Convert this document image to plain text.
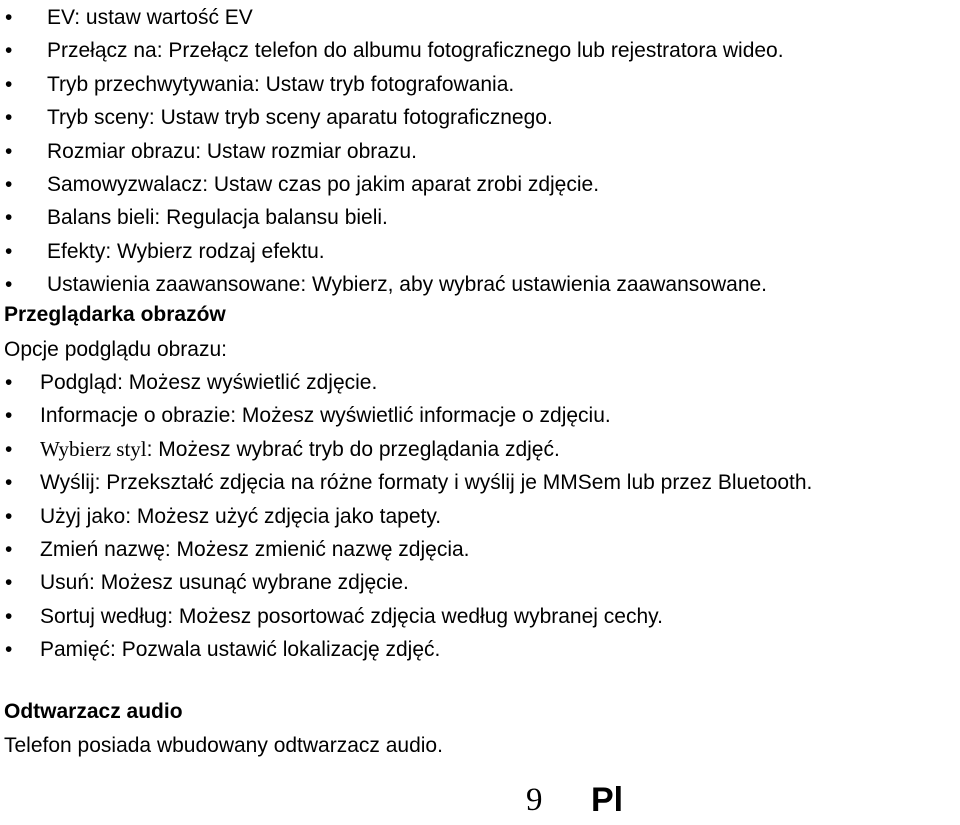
• EV: ustaw wartość EV
• Przełącz na: Przełącz telefon do albumu fotograficznego lub rejestratora wideo.
• Tryb przechwytywania: Ustaw tryb fotografowania.
• Tryb sceny: Ustaw tryb sceny aparatu fotograficznego.
• Rozmiar obrazu: Ustaw rozmiar obrazu.
• Samowyzwalacz: Ustaw czas po jakim aparat zrobi zdjęcie.
• Balans bieli: Regulacja balansu bieli.
• Efekty: Wybierz rodzaj efektu.
• Ustawienia zaawansowane: Wybierz, aby wybrać ustawienia zaawansowane.
Przeglądarka obrazów
Opcje podglądu obrazu:
• Podgląd: Możesz wyświetlić zdjęcie.
• Informacje o obrazie: Możesz wyświetlić informacje o zdjęciu.
• Wybierz styl: Możesz wybrać tryb do przeglądania zdjęć.
• Wyślij: Przekształć zdjęcia na różne formaty i wyślij je MMSem lub przez Bluetooth.
• Użyj jako: Możesz użyć zdjęcia jako tapety.
• Zmień nazwę: Możesz zmienić nazwę zdjęcia.
• Usuń: Możesz usunąć wybrane zdjęcie.
• Sortuj według: Możesz posortować zdjęcia według wybranej cechy.
• Pamięć: Pozwala ustawić lokalizację zdjęć.
Odtwarzacz audio
Telefon posiada wbudowany odtwarzacz audio.
9 Pl
